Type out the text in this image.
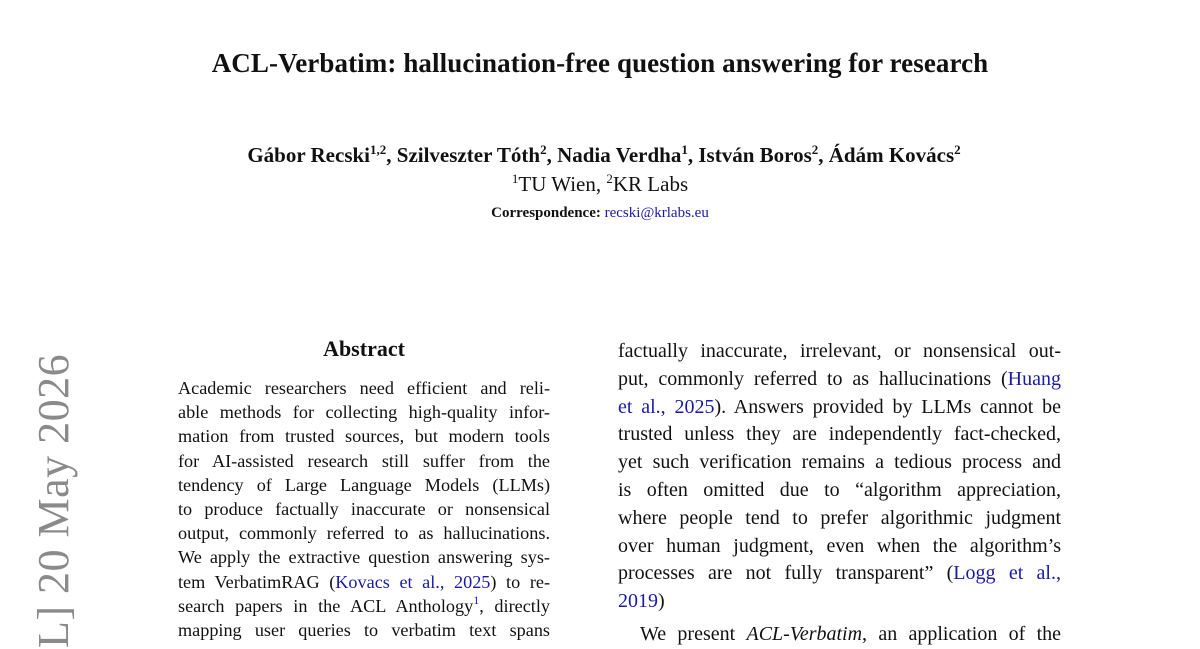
L] 20 May 2026
ACL-Verbatim: hallucination-free question answering for research
Gábor Recski$^{1,2}$, Szilveszter Tóth$^2$, Nadia Verdha$^1$, István Boros$^2$, Ádám Kovács$^2$
$^1$TU Wien, $^2$KR Labs
Correspondence: recski@krlabs.eu
Abstract
Academic researchers need efficient and reli-
able methods for collecting high-quality infor-
mation from trusted sources, but modern tools
for AI-assisted research still suffer from the
tendency of Large Language Models (LLMs)
to produce factually inaccurate or nonsensical
output, commonly referred to as hallucinations.
We apply the extractive question answering sys-
tem VerbatimRAG (Kovacs et al., 2025) to re-
search papers in the ACL Anthology$^1$, directly
mapping user queries to verbatim text spans
factually inaccurate, irrelevant, or nonsensical out-
put, commonly referred to as hallucinations (Huang
et al., 2025). Answers provided by LLMs cannot be
trusted unless they are independently fact-checked,
yet such verification remains a tedious process and
is often omitted due to “algorithm appreciation,
where people tend to prefer algorithmic judgment
over human judgment, even when the algorithm’s
processes are not fully transparent” (Logg et al.,
2019)
We present ACL-Verbatim, an application of the
